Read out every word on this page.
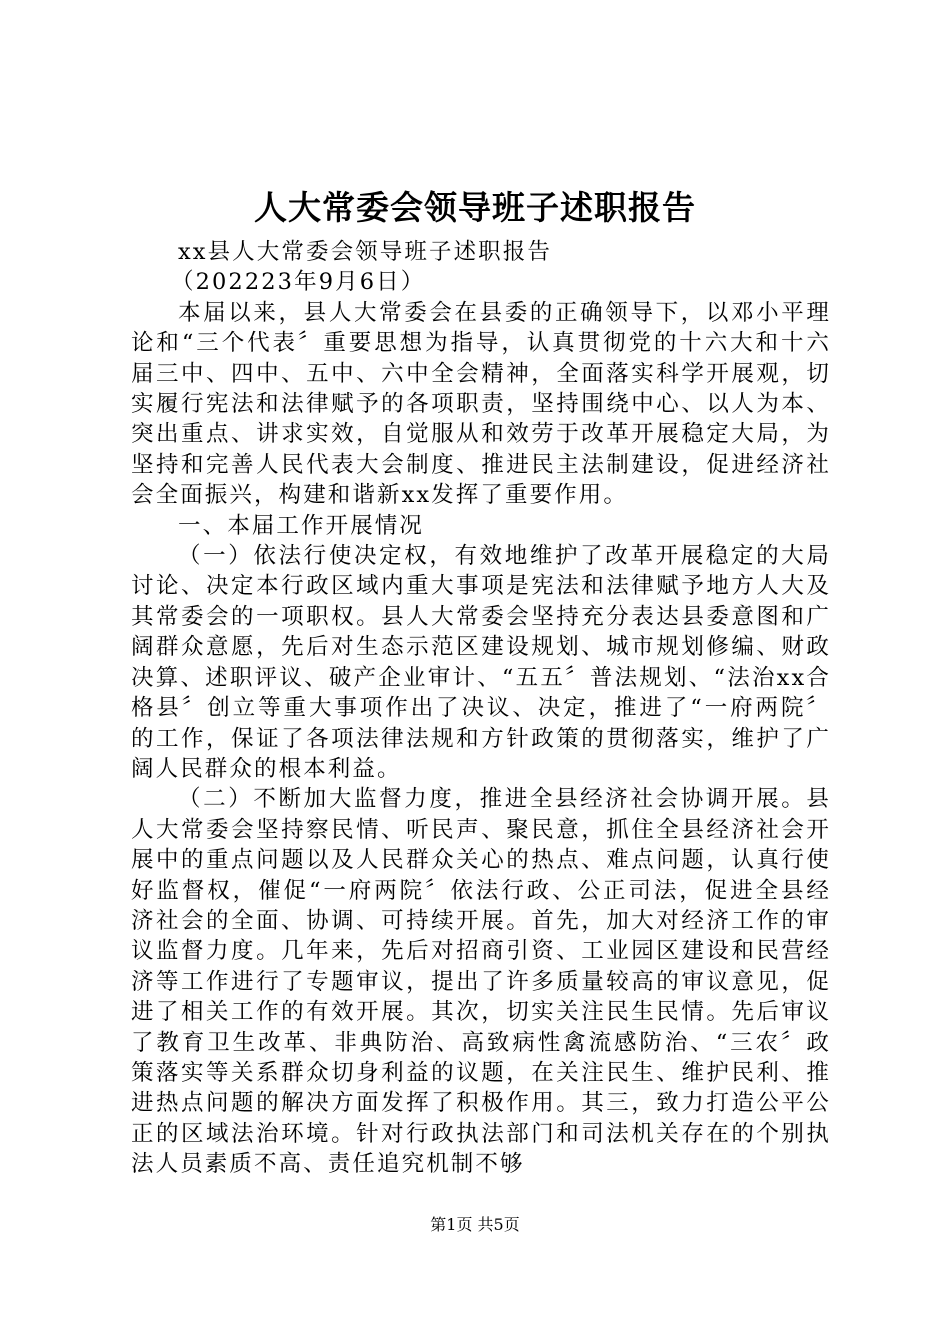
人大常委会领导班子述职报告

xx县人大常委会领导班子述职报告

（202223年9月6日）

本届以来，县人大常委会在县委的正确领导下，以邓小平理论和“三个代表〞重要思想为指导，认真贯彻党的十六大和十六届三中、四中、五中、六中全会精神，全面落实科学开展观，切实履行宪法和法律赋予的各项职责，坚持围绕中心、以人为本、突出重点、讲求实效，自觉服从和效劳于改革开展稳定大局，为坚持和完善人民代表大会制度、推进民主法制建设，促进经济社会全面振兴，构建和谐新xx发挥了重要作用。

一、本届工作开展情况

（一）依法行使决定权，有效地维护了改革开展稳定的大局讨论、决定本行政区域内重大事项是宪法和法律赋予地方人大及其常委会的一项职权。县人大常委会坚持充分表达县委意图和广阔群众意愿，先后对生态示范区建设规划、城市规划修编、财政决算、述职评议、破产企业审计、“五五〞普法规划、“法治xx合格县〞创立等重大事项作出了决议、决定，推进了“一府两院〞的工作，保证了各项法律法规和方针政策的贯彻落实，维护了广阔人民群众的根本利益。

（二）不断加大监督力度，推进全县经济社会协调开展。县人大常委会坚持察民情、听民声、聚民意，抓住全县经济社会开展中的重点问题以及人民群众关心的热点、难点问题，认真行使好监督权，催促“一府两院〞依法行政、公正司法，促进全县经济社会的全面、协调、可持续开展。首先，加大对经济工作的审议监督力度。几年来，先后对招商引资、工业园区建设和民营经济等工作进行了专题审议，提出了许多质量较高的审议意见，促进了相关工作的有效开展。其次，切实关注民生民情。先后审议了教育卫生改革、非典防治、高致病性禽流感防治、“三农〞政策落实等关系群众切身利益的议题，在关注民生、维护民利、推进热点问题的解决方面发挥了积极作用。其三，致力打造公平公正的区域法治环境。针对行政执法部门和司法机关存在的个别执法人员素质不高、责任追究机制不够

第1页 共5页
